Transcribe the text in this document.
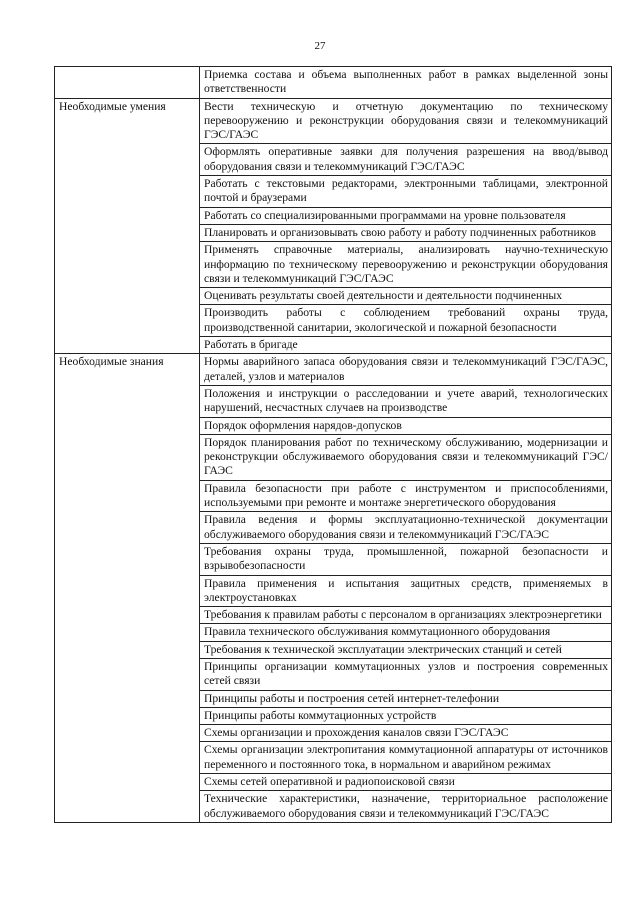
27
	Приемка состава и объема выполненных работ в рамках выделенной зоны ответственности
Необходимые умения	Вести техническую и отчетную документацию по техническому перевооружению и реконструкции оборудования связи и телекоммуникаций ГЭС/ГАЭС
	Оформлять оперативные заявки для получения разрешения на ввод/вывод оборудования связи и телекоммуникаций ГЭС/ГАЭС
	Работать с текстовыми редакторами, электронными таблицами, электронной почтой и браузерами
	Работать со специализированными программами на уровне пользователя
	Планировать и организовывать свою работу и работу подчиненных работников
	Применять справочные материалы, анализировать научно-техническую информацию по техническому перевооружению и реконструкции оборудования связи и телекоммуникаций ГЭС/ГАЭС
	Оценивать результаты своей деятельности и деятельности подчиненных
	Производить работы с соблюдением требований охраны труда, производственной санитарии, экологической и пожарной безопасности
	Работать в бригаде
Необходимые знания	Нормы аварийного запаса оборудования связи и телекоммуникаций ГЭС/ГАЭС, деталей, узлов и материалов
	Положения и инструкции о расследовании и учете аварий, технологических нарушений, несчастных случаев на производстве
	Порядок оформления нарядов-допусков
	Порядок планирования работ по техническому обслуживанию, модернизации и реконструкции обслуживаемого оборудования связи и телекоммуникаций ГЭС/ГАЭС
	Правила безопасности при работе с инструментом и приспособлениями, используемыми при ремонте и монтаже энергетического оборудования
	Правила ведения и формы эксплуатационно-технической документации обслуживаемого оборудования связи и телекоммуникаций ГЭС/ГАЭС
	Требования охраны труда, промышленной, пожарной безопасности и взрывобезопасности
	Правила применения и испытания защитных средств, применяемых в электроустановках
	Требования к правилам работы с персоналом в организациях электроэнергетики
	Правила технического обслуживания коммутационного оборудования
	Требования к технической эксплуатации электрических станций и сетей
	Принципы организации коммутационных узлов и построения современных сетей связи
	Принципы работы и построения сетей интернет-телефонии
	Принципы работы коммутационных устройств
	Схемы организации и прохождения каналов связи ГЭС/ГАЭС
	Схемы организации электропитания коммутационной аппаратуры от источников переменного и постоянного тока, в нормальном и аварийном режимах
	Схемы сетей оперативной и радиопоисковой связи
	Технические характеристики, назначение, территориальное расположение обслуживаемого оборудования связи и телекоммуникаций ГЭС/ГАЭС
